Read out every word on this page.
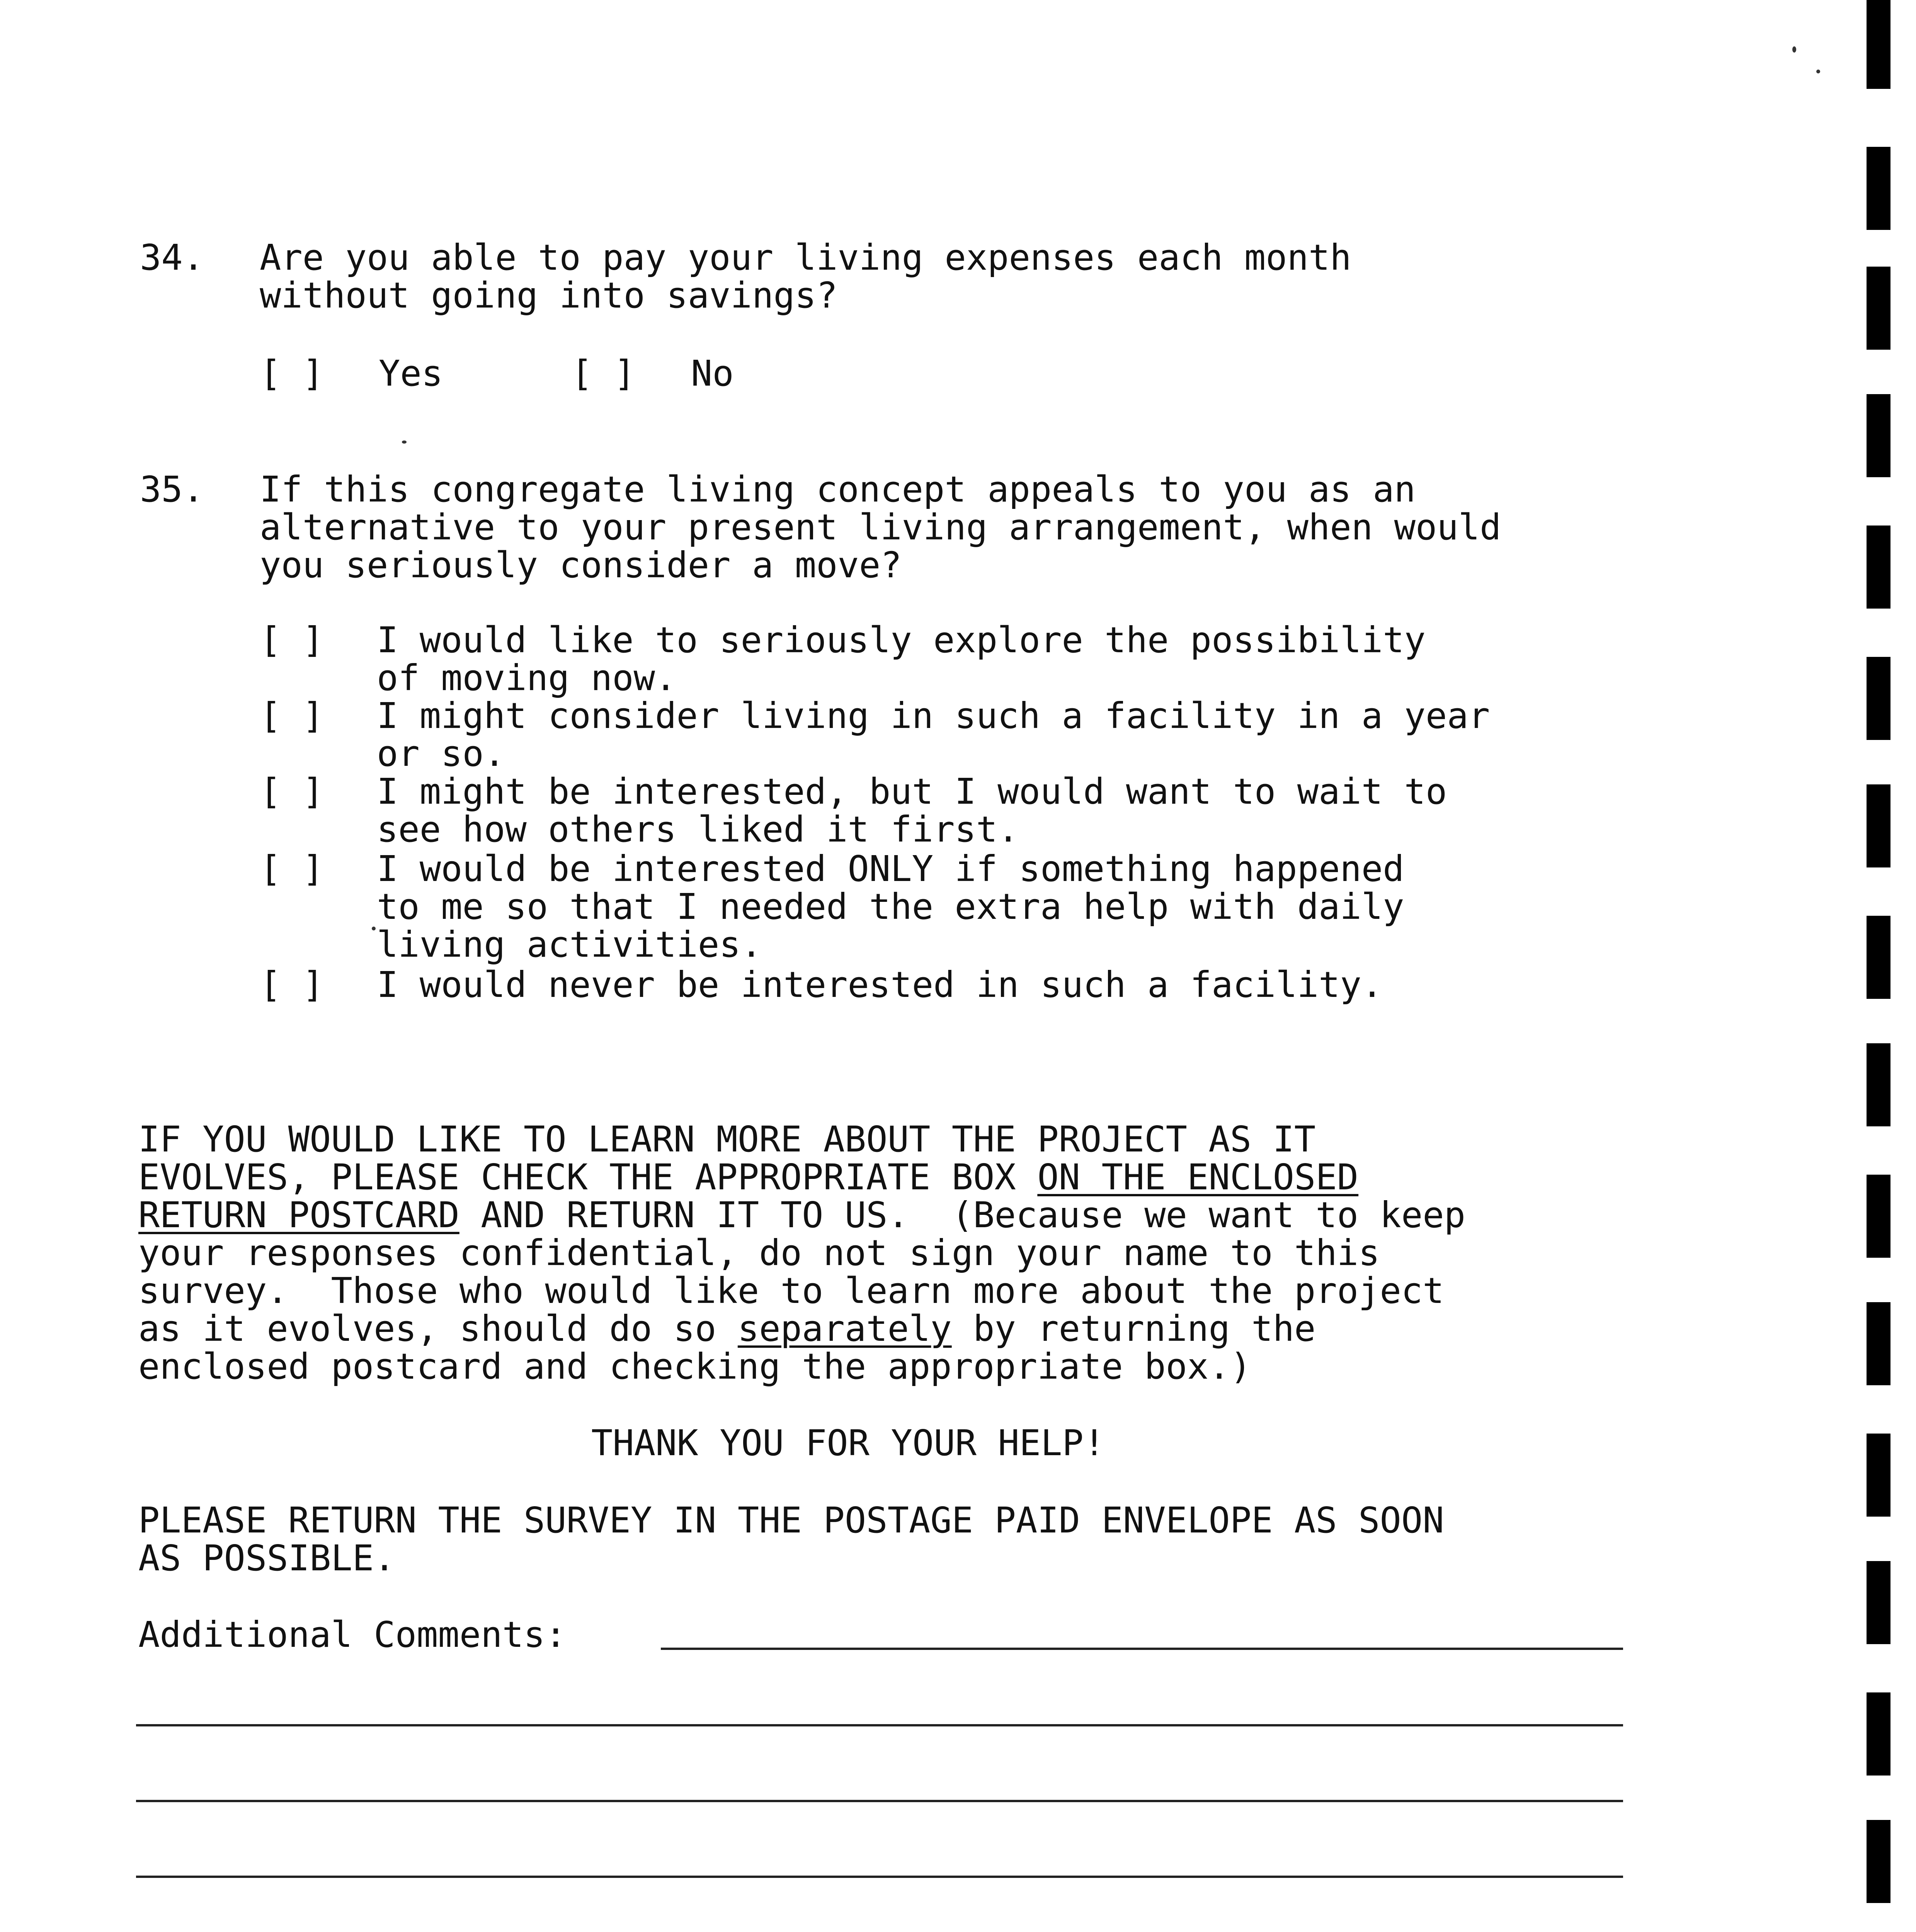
34. Are you able to pay your living expenses each month
without going into savings?
[ ] Yes	[ ] No
35. If this congregate living concept appeals to you as an
alternative to your present living arrangement, when would
you seriously consider a move?
[ ] I would like to seriously explore the possibility
of moving now.
[ ] I might consider living in such a facility in a year
or so.
[ ] I might be interested, but I would want to wait to
see how others liked it first.
[ ] I would be interested ONLY if something happened
to me so that I needed the extra help with daily
living activities.
[ ] I would never be interested in such a facility.
IF YOU WOULD LIKE TO LEARN MORE ABOUT THE PROJECT AS IT
EVOLVES, PLEASE CHECK THE APPROPRIATE BOX ON THE ENCLOSED
RETURN POSTCARD AND RETURN IT TO US.  (Because we want to keep
your responses confidential, do not sign your name to this
survey.  Those who would like to learn more about the project
as it evolves, should do so separately by returning the
enclosed postcard and checking the appropriate box.)
THANK YOU FOR YOUR HELP!
PLEASE RETURN THE SURVEY IN THE POSTAGE PAID ENVELOPE AS SOON
AS POSSIBLE.
Additional Comments:
